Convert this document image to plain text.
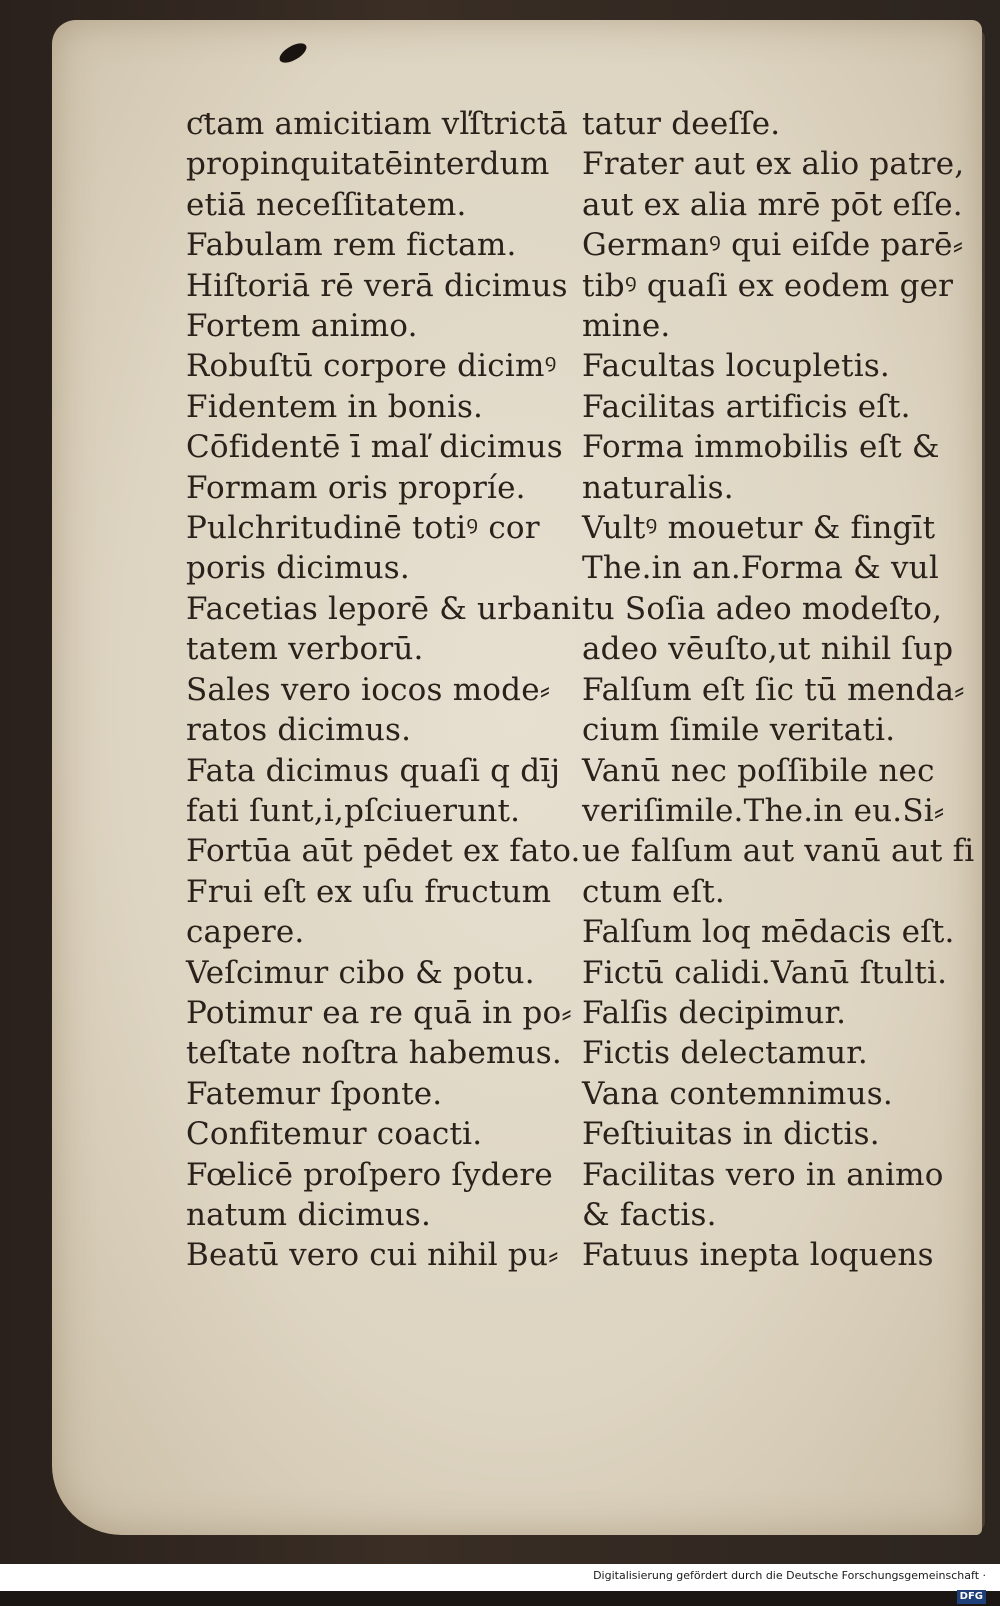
ƈtam amicitiam vľſtrictā
propinquitatēinterdum
etiā neceſſitatem.
Fabulam rem fictam.
Hiſtoriā rē verā dicimus
Fortem animo.
Robuſtū corpore dicimꝰ
Fidentem in bonis.
Cōfidentē ī maľ dicimus
Formam oris propríe.
Pulchritudinē totiꝰ cor
poris dicimus.
Facetias leporē & urbani
tatem verborū.
Sales vero iocos mode⸗
ratos dicimus.
Fata dicimus quaſi q dīj
fati ſunt,i,pſciuerunt.
Fortūa aūt pēdet ex fato.
Frui eſt ex uſu fructum
capere.
Veſcimur cibo & potu.
Potimur ea re quā in po⸗
teſtate noſtra habemus.
Fatemur ſponte.
Confitemur coacti.
Fœlicē proſpero ſydere
natum dicimus.
Beatū vero cui nihil pu⸗
tatur deeſſe.
Frater aut ex alio patre,
aut ex alia mrē pōt eſſe.
Germanꝰ qui eiſde parē⸗
tibꝰ quaſi ex eodem ger
mine.
Facultas locupletis.
Facilitas artificis eſt.
Forma immobilis eſt &
naturalis.
Vultꝰ mouetur & fingīt
The.in an.Forma & vul
tu Soſia adeo modeſto,
adeo vēuſto,ut nihil ſup
Falſum eſt ſic tū menda⸗
cium ſimile veritati.
Vanū nec poſſibile nec
veriſimile.The.in eu.Si⸗
ue falſum aut vanū aut fi
ctum eſt.
Falſum loq mēdacis eſt.
Fictū calidi.Vanū ſtulti.
Falſis decipimur.
Fictis delectamur.
Vana contemnimus.
Feſtiuitas in dictis.
Facilitas vero in animo
& factis.
Fatuus inepta loquens
Digitalisierung gefördert durch die Deutsche Forschungsgemeinschaft ·DFG
